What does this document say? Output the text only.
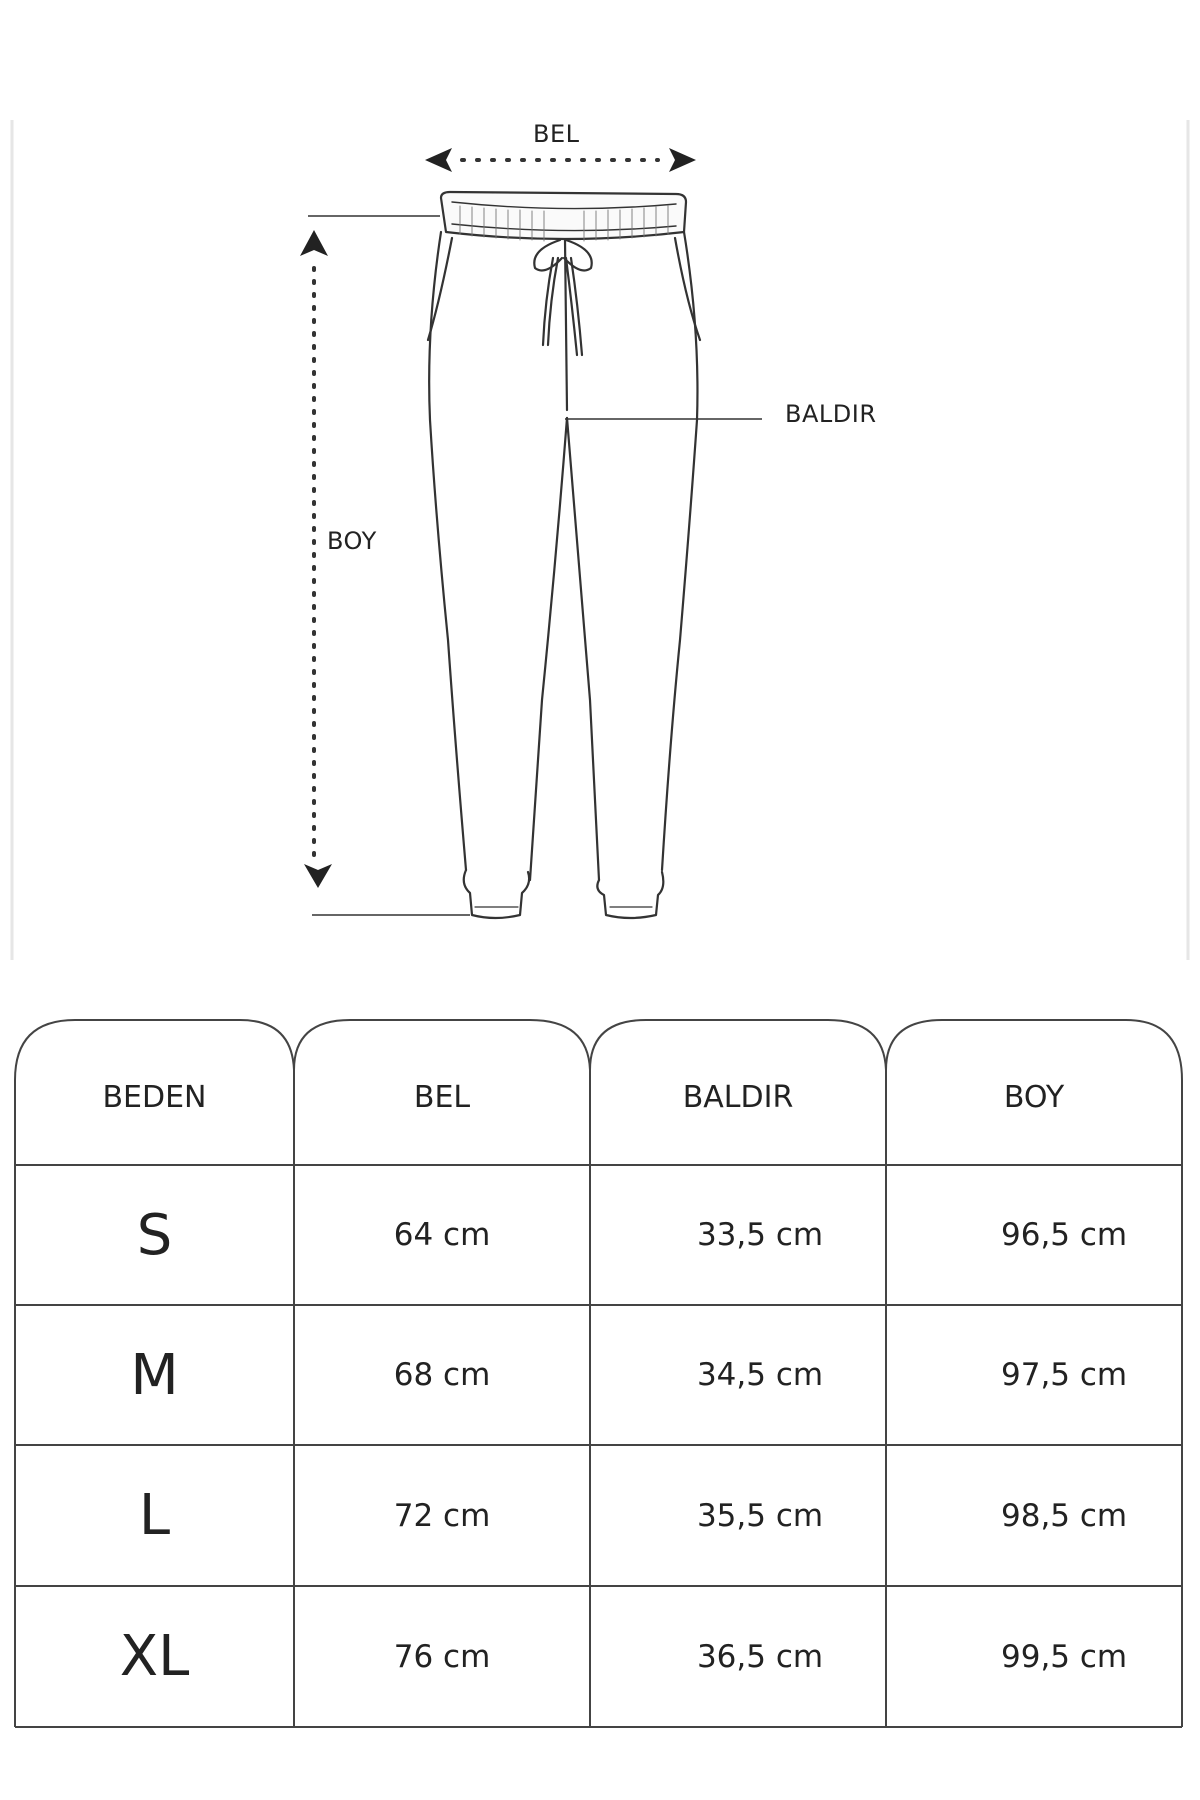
BEL
BALDIR
BOY
BEDEN	BEL	BALDIR	BOY
S	64 cm	33,5 cm	96,5 cm
M	68 cm	34,5 cm	97,5 cm
L	72 cm	35,5 cm	98,5 cm
XL	76 cm	36,5 cm	99,5 cm
